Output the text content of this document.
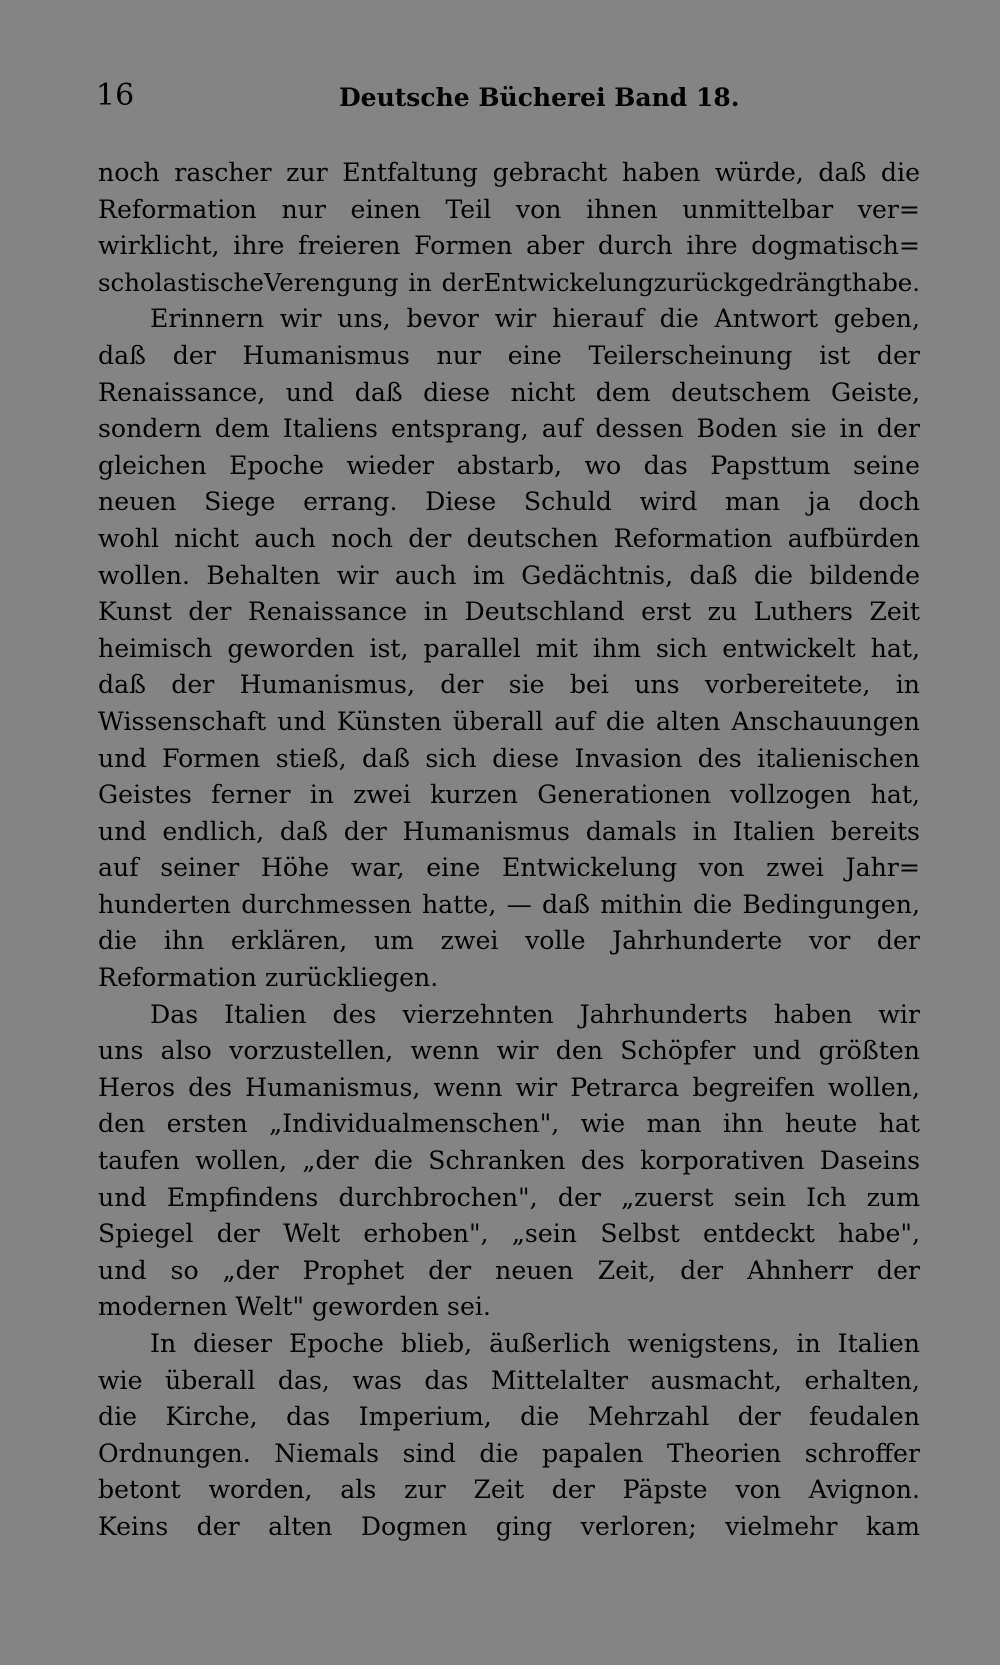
16	Deutsche Bücherei Band 18.
noch rascher zur Entfaltung gebracht haben würde, daß die
Reformation nur einen Teil von ihnen unmittelbar ver=
wirklicht, ihre freieren Formen aber durch ihre dogmatisch=
scholastischeVerengung in derEntwickelungzurückgedrängthabe.
Erinnern wir uns, bevor wir hierauf die Antwort geben,
daß der Humanismus nur eine Teilerscheinung ist der
Renaissance, und daß diese nicht dem deutschem Geiste,
sondern dem Italiens entsprang, auf dessen Boden sie in der
gleichen Epoche wieder abstarb, wo das Papsttum seine
neuen Siege errang. Diese Schuld wird man ja doch
wohl nicht auch noch der deutschen Reformation aufbürden
wollen. Behalten wir auch im Gedächtnis, daß die bildende
Kunst der Renaissance in Deutschland erst zu Luthers Zeit
heimisch geworden ist, parallel mit ihm sich entwickelt hat,
daß der Humanismus, der sie bei uns vorbereitete, in
Wissenschaft und Künsten überall auf die alten Anschauungen
und Formen stieß, daß sich diese Invasion des italienischen
Geistes ferner in zwei kurzen Generationen vollzogen hat,
und endlich, daß der Humanismus damals in Italien bereits
auf seiner Höhe war, eine Entwickelung von zwei Jahr=
hunderten durchmessen hatte, — daß mithin die Bedingungen,
die ihn erklären, um zwei volle Jahrhunderte vor der
Reformation zurückliegen.
Das Italien des vierzehnten Jahrhunderts haben wir
uns also vorzustellen, wenn wir den Schöpfer und größten
Heros des Humanismus, wenn wir Petrarca begreifen wollen,
den ersten „Individualmenschen", wie man ihn heute hat
taufen wollen, „der die Schranken des korporativen Daseins
und Empfindens durchbrochen", der „zuerst sein Ich zum
Spiegel der Welt erhoben", „sein Selbst entdeckt habe",
und so „der Prophet der neuen Zeit, der Ahnherr der
modernen Welt" geworden sei.
In dieser Epoche blieb, äußerlich wenigstens, in Italien
wie überall das, was das Mittelalter ausmacht, erhalten,
die Kirche, das Imperium, die Mehrzahl der feudalen
Ordnungen. Niemals sind die papalen Theorien schroffer
betont worden, als zur Zeit der Päpste von Avignon.
Keins der alten Dogmen ging verloren; vielmehr kam
